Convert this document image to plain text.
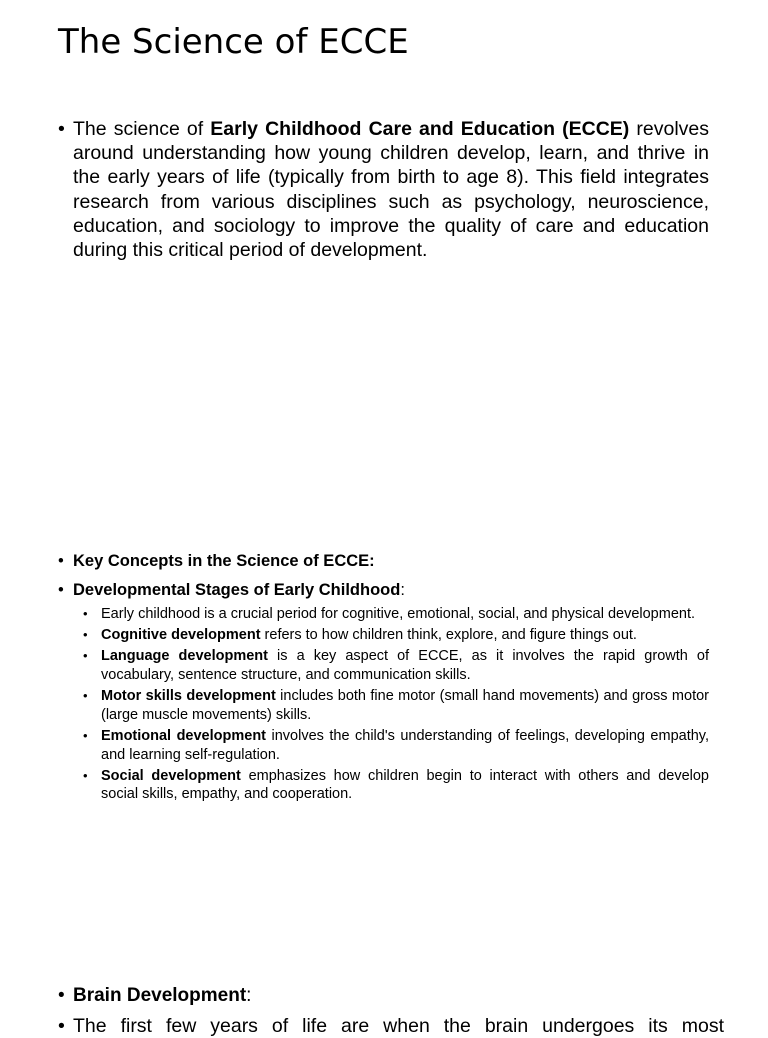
The Science of ECCE
• The science of Early Childhood Care and Education (ECCE) revolves around understanding how young children develop, learn, and thrive in the early years of life (typically from birth to age 8). This field integrates research from various disciplines such as psychology, neuroscience, education, and sociology to improve the quality of care and education during this critical period of development.
• Key Concepts in the Science of ECCE:
• Developmental Stages of Early Childhood:
• Early childhood is a crucial period for cognitive, emotional, social, and physical development.
• Cognitive development refers to how children think, explore, and figure things out.
• Language development is a key aspect of ECCE, as it involves the rapid growth of vocabulary, sentence structure, and communication skills.
• Motor skills development includes both fine motor (small hand movements) and gross motor (large muscle movements) skills.
• Emotional development involves the child's understanding of feelings, developing empathy, and learning self-regulation.
• Social development emphasizes how children begin to interact with others and develop social skills, empathy, and cooperation.
• Brain Development:
• The first few years of life are when the brain undergoes its most
